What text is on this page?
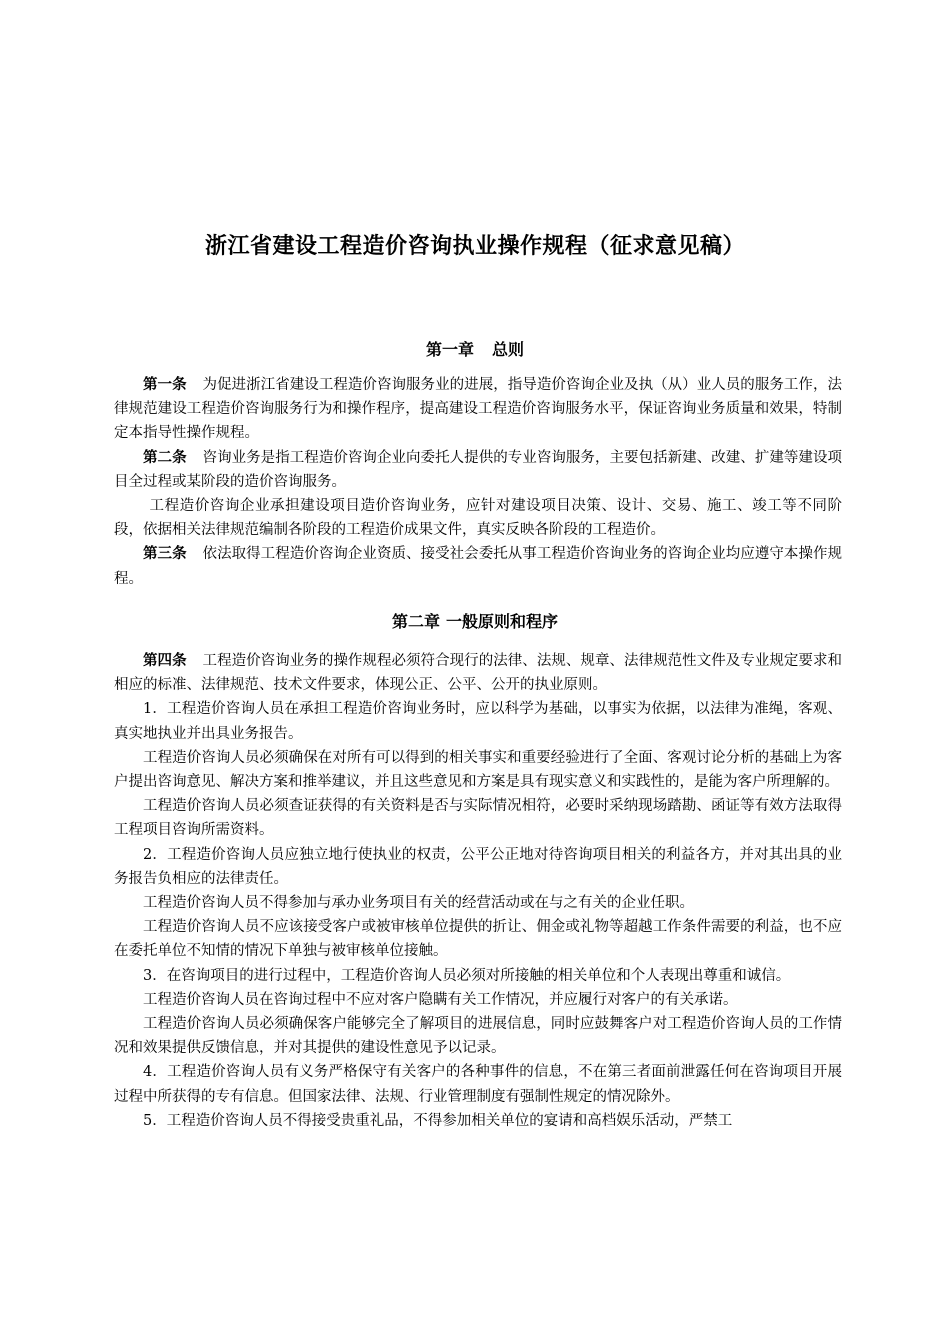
浙江省建设工程造价咨询执业操作规程（征求意见稿）
第一章 总则

第一条 为促进浙江省建设工程造价咨询服务业的进展，指导造价咨询企业及执（从）业人员的服务工作，法律规范建设工程造价咨询服务行为和操作程序，提高建设工程造价咨询服务水平，保证咨询业务质量和效果，特制定本指导性操作规程。

第二条 咨询业务是指工程造价咨询企业向委托人提供的专业咨询服务，主要包括新建、改建、扩建等建设项目全过程或某阶段的造价咨询服务。

工程造价咨询企业承担建设项目造价咨询业务，应针对建设项目决策、设计、交易、施工、竣工等不同阶段，依据相关法律规范编制各阶段的工程造价成果文件，真实反映各阶段的工程造价。

第三条 依法取得工程造价咨询企业资质、接受社会委托从事工程造价咨询业务的咨询企业均应遵守本操作规程。

第二章 一般原则和程序

第四条 工程造价咨询业务的操作规程必须符合现行的法律、法规、规章、法律规范性文件及专业规定要求和相应的标准、法律规范、技术文件要求，体现公正、公平、公开的执业原则。

1．工程造价咨询人员在承担工程造价咨询业务时，应以科学为基础，以事实为依据，以法律为准绳，客观、真实地执业并出具业务报告。

工程造价咨询人员必须确保在对所有可以得到的相关事实和重要经验进行了全面、客观讨论分析的基础上为客户提出咨询意见、解决方案和推举建议，并且这些意见和方案是具有现实意义和实践性的，是能为客户所理解的。

工程造价咨询人员必须查证获得的有关资料是否与实际情况相符，必要时采纳现场踏勘、函证等有效方法取得工程项目咨询所需资料。

2．工程造价咨询人员应独立地行使执业的权责，公平公正地对待咨询项目相关的利益各方，并对其出具的业务报告负相应的法律责任。

工程造价咨询人员不得参加与承办业务项目有关的经营活动或在与之有关的企业任职。

工程造价咨询人员不应该接受客户或被审核单位提供的折让、佣金或礼物等超越工作条件需要的利益，也不应在委托单位不知情的情况下单独与被审核单位接触。

3．在咨询项目的进行过程中，工程造价咨询人员必须对所接触的相关单位和个人表现出尊重和诚信。

工程造价咨询人员在咨询过程中不应对客户隐瞒有关工作情况，并应履行对客户的有关承诺。

工程造价咨询人员必须确保客户能够完全了解项目的进展信息，同时应鼓舞客户对工程造价咨询人员的工作情况和效果提供反馈信息，并对其提供的建设性意见予以记录。

4．工程造价咨询人员有义务严格保守有关客户的各种事件的信息，不在第三者面前泄露任何在咨询项目开展过程中所获得的专有信息。但国家法律、法规、行业管理制度有强制性规定的情况除外。

5．工程造价咨询人员不得接受贵重礼品，不得参加相关单位的宴请和高档娱乐活动，严禁工
